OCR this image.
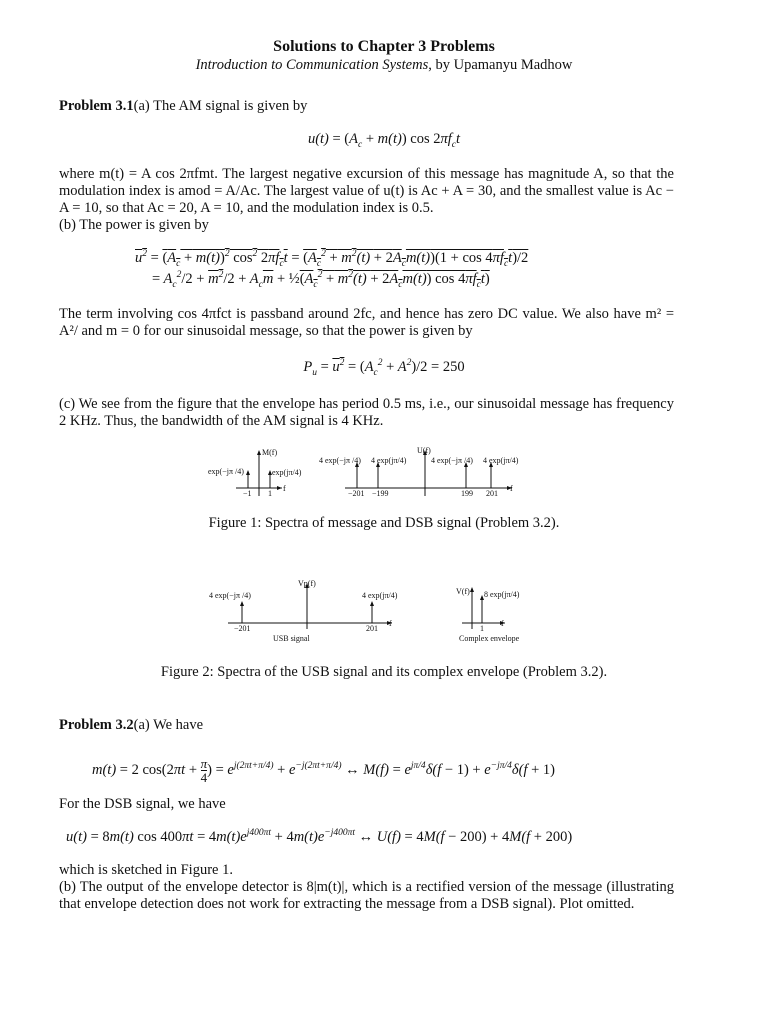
Solutions to Chapter 3 Problems
Introduction to Communication Systems, by Upamanyu Madhow
Problem 3.1(a) The AM signal is given by
$u(t) = (A_c + m(t))$ $\cos 2\pi f_ct$
where m(t) = A cos 2πfmt. The largest negative excursion of this message has magnitude A, so that the modulation index is amod = A/Ac. The largest value of u(t) is Ac + A = 30, and the smallest value is Ac − A = 10, so that Ac = 20, A = 10, and the modulation index is 0.5.
(b) The power is given by
$u^2 = (A_c + m(t))^2$ $\cos^2 2\pi f_ct = (A_c^2 + m^2(t) + 2A_cm(t))(1 + \cos 4\pi f_ct)/2$
= $A_c^2/2 + m^2/2 + A_c\overline{m}$ + $\frac{1}{2}(A_c^2 + m^2(t) + 2A_cm(t))$ $\cos 4\pi f_ct$)
The term involving cos 4πfct is passband around 2fc, and hence has zero DC value. We also have m² = A²/ and m = 0 for our sinusoidal message, so that the power is given by
$P_u = u^2 = (A_c^2 + A^2)/2 = 250$
(c) We see from the figure that the envelope has period 0.5 ms, i.e., our sinusoidal message has frequency 2 KHz. Thus, the bandwidth of the AM signal is 4 KHz.
M(f)
exp(−jπ /4)	exp(jπ/4)
−1 1
f
U(f)
4 exp(−jπ /4) 4 exp(jπ/4)	4 exp(−jπ /4) 4 exp(jπ/4)
−201 −199	199 201
f
Figure 1: Spectra of message and DSB signal (Problem 3.2).
Vp(f)
4 exp(−jπ /4)	4 exp(jπ/4)
−201	201
f
USB signal
V(f) 8 exp(jπ/4)
1
f
Complex envelope
Figure 2: Spectra of the USB signal and its complex envelope (Problem 3.2).
Problem 3.2(a) We have
m(t) = 2 $\cos(2\pi t + \frac{\pi}{4}$ ) = $e^{j(2\pi t+\pi/4)} + e^{-j(2\pi t+\pi/4)}$ ↔ $M(f) = e^{j\pi/4}\delta(f - 1) + e^{-j\pi/4}\delta(f + 1)$
For the DSB signal, we have
u(t) = 8m(t) $\cos 400\pi t = 4m(t)e^{j400\pi t} + 4m(t)e^{-j400\pi t}$ ↔ U(f) = 4M(f − 200) + 4M(f + 200)
which is sketched in Figure 1.
(b) The output of the envelope detector is 8|m(t)|, which is a rectified version of the message (illustrating that envelope detection does not work for extracting the message from a DSB signal). Plot omitted.
